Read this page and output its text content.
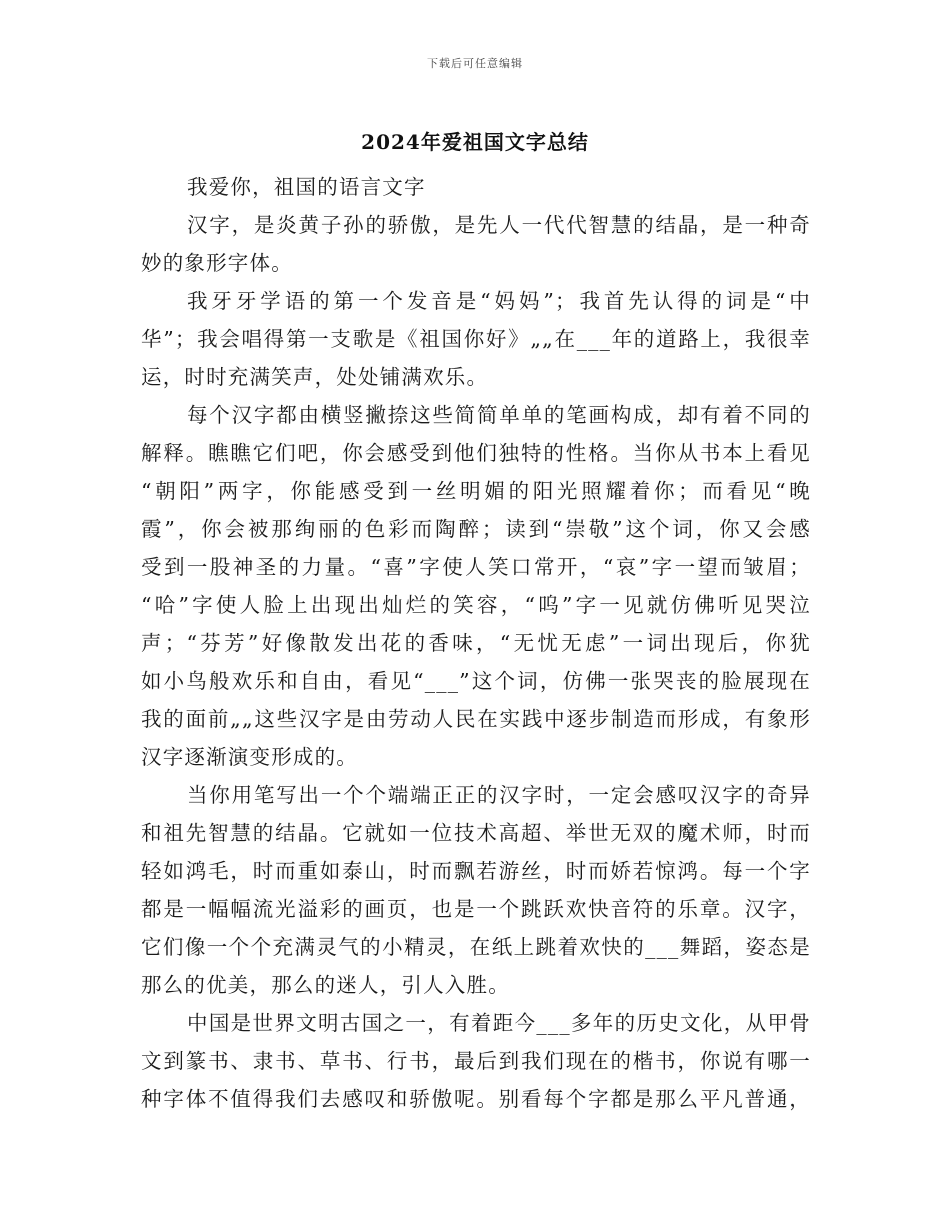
下载后可任意编辑
2024年爱祖国文字总结
我爱你，祖国的语言文字
汉字，是炎黄子孙的骄傲，是先人一代代智慧的结晶，是一种奇
妙的象形字体。
我牙牙学语的第一个发音是“妈妈”；我首先认得的词是“中
华”；我会唱得第一支歌是《祖国你好》„„在___年的道路上，我很幸
运，时时充满笑声，处处铺满欢乐。
每个汉字都由横竖撇捺这些简简单单的笔画构成，却有着不同的
解释。瞧瞧它们吧，你会感受到他们独特的性格。当你从书本上看见
“朝阳”两字，你能感受到一丝明媚的阳光照耀着你；而看见“晚
霞”，你会被那绚丽的色彩而陶醉；读到“崇敬”这个词，你又会感
受到一股神圣的力量。“喜”字使人笑口常开，“哀”字一望而皱眉；
“哈”字使人脸上出现出灿烂的笑容，“呜”字一见就仿佛听见哭泣
声；“芬芳”好像散发出花的香味，“无忧无虑”一词出现后，你犹
如小鸟般欢乐和自由，看见“___”这个词，仿佛一张哭丧的脸展现在
我的面前„„这些汉字是由劳动人民在实践中逐步制造而形成，有象形
汉字逐渐演变形成的。
当你用笔写出一个个端端正正的汉字时，一定会感叹汉字的奇异
和祖先智慧的结晶。它就如一位技术高超、举世无双的魔术师，时而
轻如鸿毛，时而重如泰山，时而飘若游丝，时而娇若惊鸿。每一个字
都是一幅幅流光溢彩的画页，也是一个跳跃欢快音符的乐章。汉字，
它们像一个个充满灵气的小精灵，在纸上跳着欢快的___舞蹈，姿态是
那么的优美，那么的迷人，引人入胜。
中国是世界文明古国之一，有着距今___多年的历史文化，从甲骨
文到篆书、隶书、草书、行书，最后到我们现在的楷书，你说有哪一
种字体不值得我们去感叹和骄傲呢。别看每个字都是那么平凡普通，
